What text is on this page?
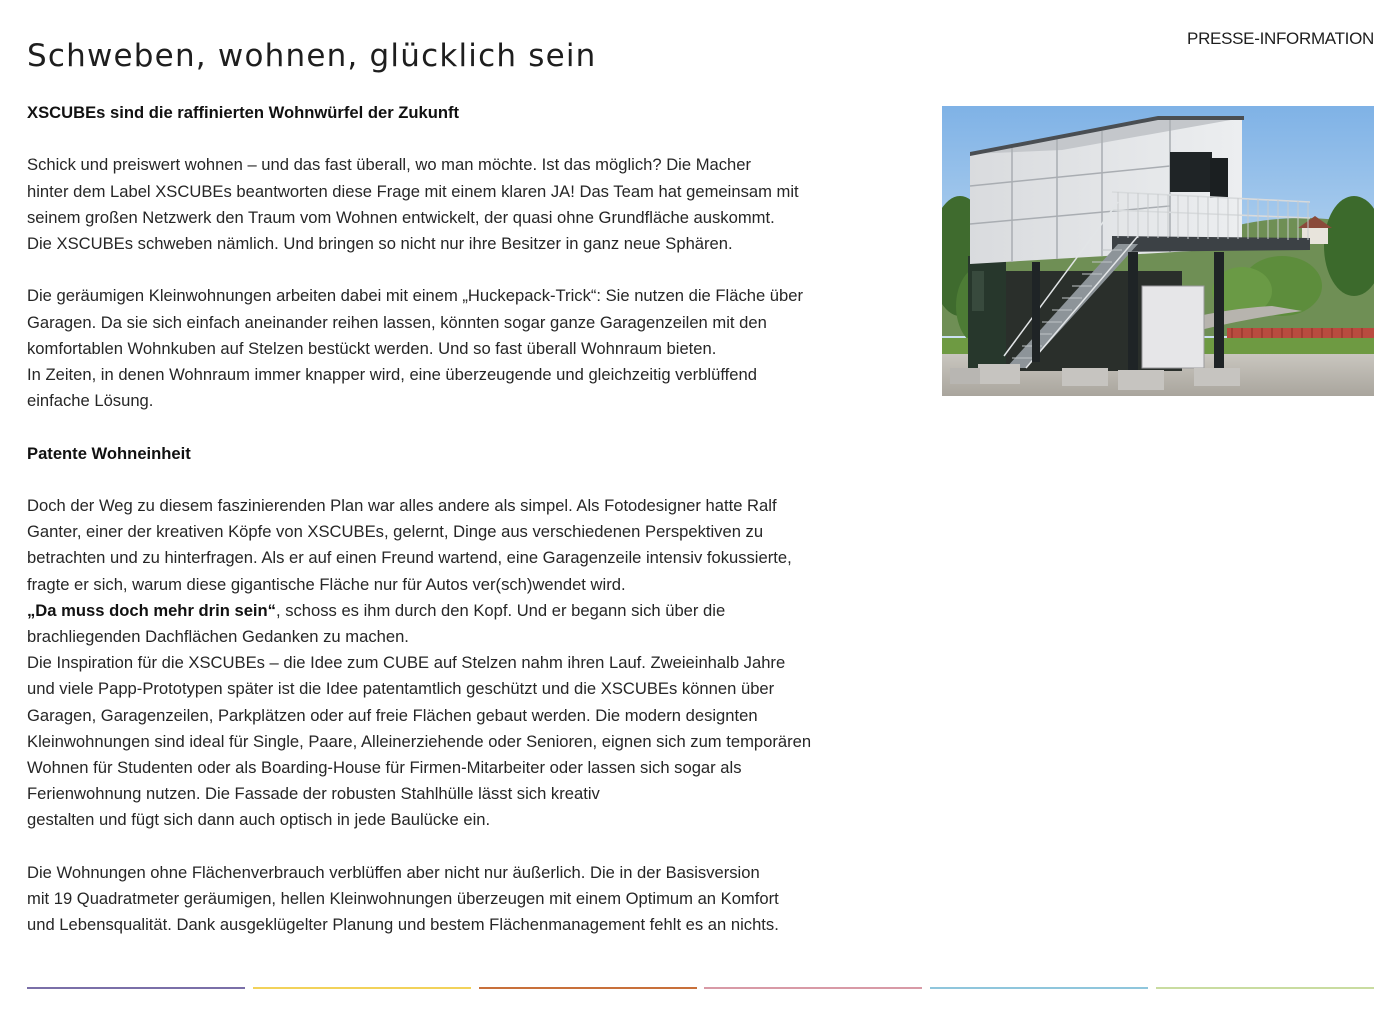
Schweben, wohnen, glücklich sein	PRESSE-INFORMATION

XSCUBEs sind die raffinierten Wohnwürfel der Zukunft

Schick und preiswert wohnen – und das fast überall, wo man möchte. Ist das möglich? Die Macher

hinter dem Label XSCUBEs beantworten diese Frage mit einem klaren JA! Das Team hat gemeinsam mit

seinem großen Netzwerk den Traum vom Wohnen entwickelt, der quasi ohne Grundfläche auskommt.

Die XSCUBEs schweben nämlich. Und bringen so nicht nur ihre Besitzer in ganz neue Sphären.

Die geräumigen Kleinwohnungen arbeiten dabei mit einem „Huckepack-Trick“: Sie nutzen die Fläche über

Garagen. Da sie sich einfach aneinander reihen lassen, könnten sogar ganze Garagenzeilen mit den

komfortablen Wohnkuben auf Stelzen bestückt werden. Und so fast überall Wohnraum bieten.

In Zeiten, in denen Wohnraum immer knapper wird, eine überzeugende und gleichzeitig verblüffend

einfache Lösung.

Patente Wohneinheit

Doch der Weg zu diesem faszinierenden Plan war alles andere als simpel. Als Fotodesigner hatte Ralf

Ganter, einer der kreativen Köpfe von XSCUBEs, gelernt, Dinge aus verschiedenen Perspektiven zu

betrachten und zu hinterfragen. Als er auf einen Freund wartend, eine Garagenzeile intensiv fokussierte,

fragte er sich, warum diese gigantische Fläche nur für Autos ver(sch)wendet wird.

„Da muss doch mehr drin sein“, schoss es ihm durch den Kopf. Und er begann sich über die

brachliegenden Dachflächen Gedanken zu machen.

Die Inspiration für die XSCUBEs – die Idee zum CUBE auf Stelzen nahm ihren Lauf. Zweieinhalb Jahre

und viele Papp-Prototypen später ist die Idee patentamtlich geschützt und die XSCUBEs können über

Garagen, Garagenzeilen, Parkplätzen oder auf freie Flächen gebaut werden. Die modern designten

Kleinwohnungen sind ideal für Single, Paare, Alleinerziehende oder Senioren, eignen sich zum temporären

Wohnen für Studenten oder als Boarding-House für Firmen-Mitarbeiter oder lassen sich sogar als

Ferienwohnung nutzen. Die Fassade der robusten Stahlhülle lässt sich kreativ

gestalten und fügt sich dann auch optisch in jede Baulücke ein.

Die Wohnungen ohne Flächenverbrauch verblüffen aber nicht nur äußerlich. Die in der Basisversion

mit 19 Quadratmeter geräumigen, hellen Kleinwohnungen überzeugen mit einem Optimum an Komfort

und Lebensqualität. Dank ausgeklügelter Planung und bestem Flächenmanagement fehlt es an nichts.
